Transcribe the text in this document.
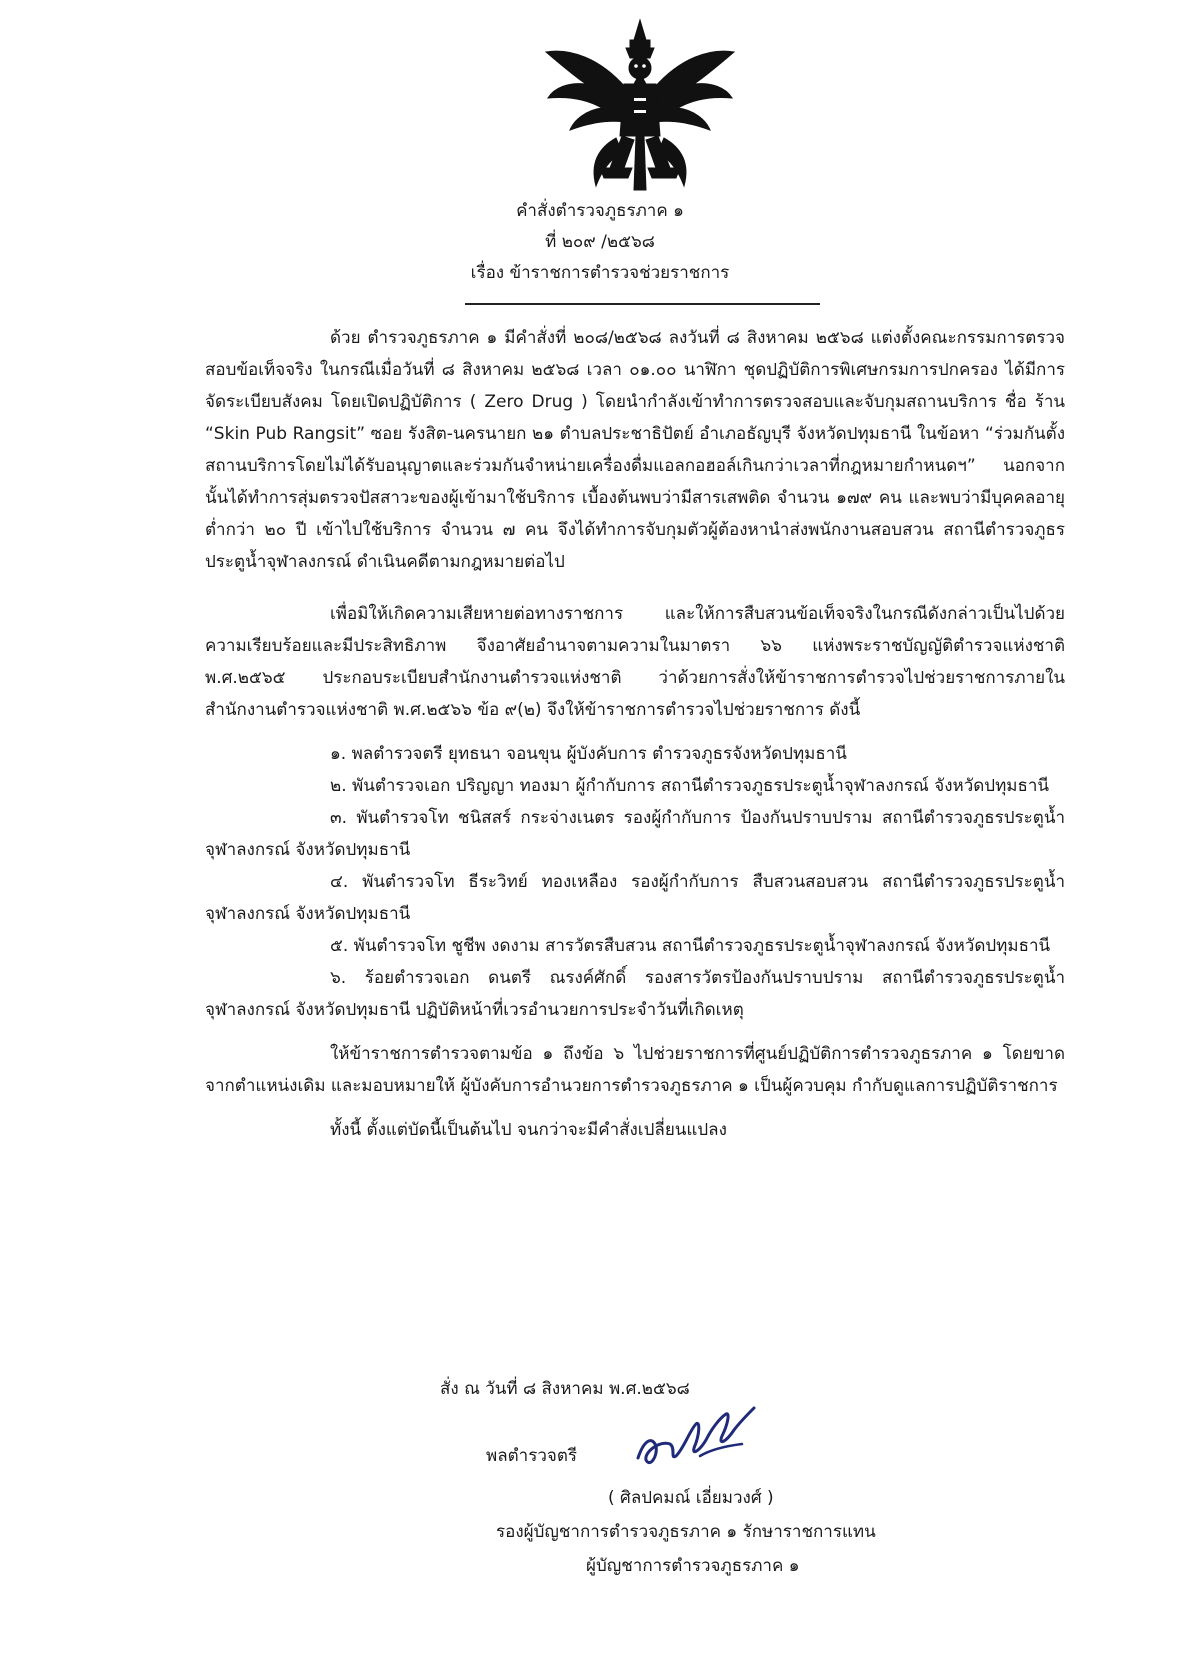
คำสั่งตำรวจภูธรภาค ๑
ที่ ๒๐๙ /๒๕๖๘
เรื่อง ข้าราชการตำรวจช่วยราชการ

ด้วย ตำรวจภูธรภาค ๑ มีคำสั่งที่ ๒๐๘/๒๕๖๘ ลงวันที่ ๘ สิงหาคม ๒๕๖๘ แต่งตั้งคณะกรรมการตรวจสอบข้อเท็จจริง ในกรณีเมื่อวันที่ ๘ สิงหาคม ๒๕๖๘ เวลา ๐๑.๐๐ นาฬิกา ชุดปฏิบัติการพิเศษกรมการปกครอง ได้มีการจัดระเบียบสังคม โดยเปิดปฏิบัติการ ( Zero Drug ) โดยนำกำลังเข้าทำการตรวจสอบและจับกุมสถานบริการ ชื่อ ร้าน “Skin Pub Rangsit” ซอย รังสิต-นครนายก ๒๑ ตำบลประชาธิปัตย์ อำเภอธัญบุรี จังหวัดปทุมธานี ในข้อหา “ร่วมกันตั้งสถานบริการโดยไม่ได้รับอนุญาตและร่วมกันจำหน่ายเครื่องดื่มแอลกอฮอล์เกินกว่าเวลาที่กฎหมายกำหนดฯ” นอกจากนั้นได้ทำการสุ่มตรวจปัสสาวะของผู้เข้ามาใช้บริการ เบื้องต้นพบว่ามีสารเสพติด จำนวน ๑๗๙ คน และพบว่ามีบุคคลอายุต่ำกว่า ๒๐ ปี เข้าไปใช้บริการ จำนวน ๗ คน จึงได้ทำการจับกุมตัวผู้ต้องหานำส่งพนักงานสอบสวน สถานีตำรวจภูธรประตูน้ำจุฬาลงกรณ์ ดำเนินคดีตามกฎหมายต่อไป

เพื่อมิให้เกิดความเสียหายต่อทางราชการ และให้การสืบสวนข้อเท็จจริงในกรณีดังกล่าวเป็นไปด้วยความเรียบร้อยและมีประสิทธิภาพ จึงอาศัยอำนาจตามความในมาตรา ๖๖ แห่งพระราชบัญญัติตำรวจแห่งชาติ พ.ศ.๒๕๖๕ ประกอบระเบียบสำนักงานตำรวจแห่งชาติ ว่าด้วยการสั่งให้ข้าราชการตำรวจไปช่วยราชการภายในสำนักงานตำรวจแห่งชาติ พ.ศ.๒๕๖๖ ข้อ ๙(๒) จึงให้ข้าราชการตำรวจไปช่วยราชการ ดังนี้

๑. พลตำรวจตรี ยุทธนา จอนขุน ผู้บังคับการ ตำรวจภูธรจังหวัดปทุมธานี

๒. พันตำรวจเอก ปริญญา ทองมา ผู้กำกับการ สถานีตำรวจภูธรประตูน้ำจุฬาลงกรณ์ จังหวัดปทุมธานี

๓. พันตำรวจโท ชนิสสร์ กระจ่างเนตร รองผู้กำกับการ ป้องกันปราบปราม สถานีตำรวจภูธรประตูน้ำจุฬาลงกรณ์ จังหวัดปทุมธานี

๔. พันตำรวจโท ธีระวิทย์ ทองเหลือง รองผู้กำกับการ สืบสวนสอบสวน สถานีตำรวจภูธรประตูน้ำจุฬาลงกรณ์ จังหวัดปทุมธานี

๕. พันตำรวจโท ชูชีพ งดงาม สารวัตรสืบสวน สถานีตำรวจภูธรประตูน้ำจุฬาลงกรณ์ จังหวัดปทุมธานี

๖. ร้อยตำรวจเอก ดนตรี ณรงค์ศักดิ์ รองสารวัตรป้องกันปราบปราม สถานีตำรวจภูธรประตูน้ำจุฬาลงกรณ์ จังหวัดปทุมธานี ปฏิบัติหน้าที่เวรอำนวยการประจำวันที่เกิดเหตุ

ให้ข้าราชการตำรวจตามข้อ ๑ ถึงข้อ ๖ ไปช่วยราชการที่ศูนย์ปฏิบัติการตำรวจภูธรภาค ๑ โดยขาดจากตำแหน่งเดิม และมอบหมายให้ ผู้บังคับการอำนวยการตำรวจภูธรภาค ๑ เป็นผู้ควบคุม กำกับดูแลการปฏิบัติราชการ

ทั้งนี้ ตั้งแต่บัดนี้เป็นต้นไป จนกว่าจะมีคำสั่งเปลี่ยนแปลง

สั่ง ณ วันที่ ๘ สิงหาคม พ.ศ.๒๕๖๘
พลตำรวจตรี
( ศิลปคมณ์ เอี่ยมวงศ์ )
รองผู้บัญชาการตำรวจภูธรภาค ๑ รักษาราชการแทน
ผู้บัญชาการตำรวจภูธรภาค ๑
